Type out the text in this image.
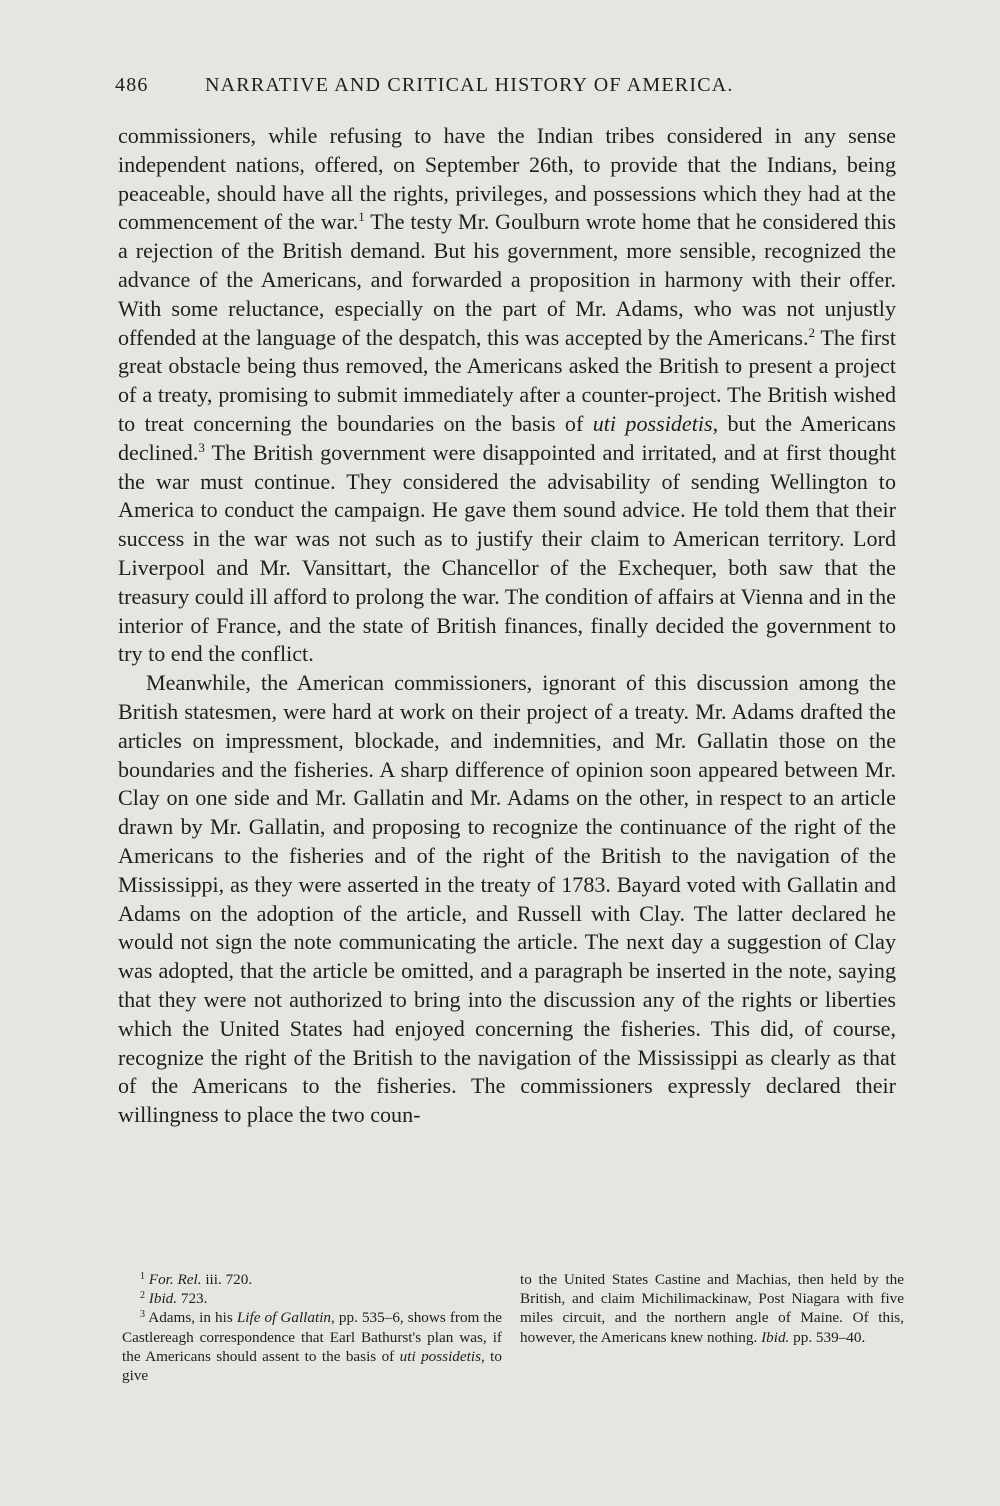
486	NARRATIVE AND CRITICAL HISTORY OF AMERICA.

commissioners, while refusing to have the Indian tribes considered in any sense independent nations, offered, on September 26th, to provide that the Indians, being peaceable, should have all the rights, privileges, and possessions which they had at the commencement of the war.$^1$ The testy Mr. Goulburn wrote home that he considered this a rejection of the British demand. But his government, more sensible, recognized the advance of the Americans, and forwarded a proposition in harmony with their offer. With some reluctance, especially on the part of Mr. Adams, who was not unjustly offended at the language of the despatch, this was accepted by the Americans.$^2$ The first great obstacle being thus removed, the Americans asked the British to present a project of a treaty, promising to submit immediately after a counter-project. The British wished to treat concerning the boundaries on the basis of uti possidetis, but the Americans declined.$^3$ The British government were disappointed and irritated, and at first thought the war must continue. They considered the advisability of sending Wellington to America to conduct the campaign. He gave them sound advice. He told them that their success in the war was not such as to justify their claim to American territory. Lord Liverpool and Mr. Vansittart, the Chancellor of the Exchequer, both saw that the treasury could ill afford to prolong the war. The condition of affairs at Vienna and in the interior of France, and the state of British finances, finally decided the government to try to end the conflict.

Meanwhile, the American commissioners, ignorant of this discussion among the British statesmen, were hard at work on their project of a treaty. Mr. Adams drafted the articles on impressment, blockade, and indemnities, and Mr. Gallatin those on the boundaries and the fisheries. A sharp difference of opinion soon appeared between Mr. Clay on one side and Mr. Gallatin and Mr. Adams on the other, in respect to an article drawn by Mr. Gallatin, and proposing to recognize the continuance of the right of the Americans to the fisheries and of the right of the British to the navigation of the Mississippi, as they were asserted in the treaty of 1783. Bayard voted with Gallatin and Adams on the adoption of the article, and Russell with Clay. The latter declared he would not sign the note communicating the article. The next day a suggestion of Clay was adopted, that the article be omitted, and a paragraph be inserted in the note, saying that they were not authorized to bring into the discussion any of the rights or liberties which the United States had enjoyed concerning the fisheries. This did, of course, recognize the right of the British to the navigation of the Mississippi as clearly as that of the Americans to the fisheries. The commissioners expressly declared their willingness to place the two coun-

$^1$ For. Rel. iii. 720.

$^2$ Ibid. 723.

$^3$ Adams, in his Life of Gallatin, pp. 535–6, shows from the Castlereagh correspondence that Earl Bathurst's plan was, if the Americans should assent to the basis of uti possidetis, to give

to the United States Castine and Machias, then held by the British, and claim Michilimackinaw, Post Niagara with five miles circuit, and the northern angle of Maine. Of this, however, the Americans knew nothing. Ibid. pp. 539–40.
